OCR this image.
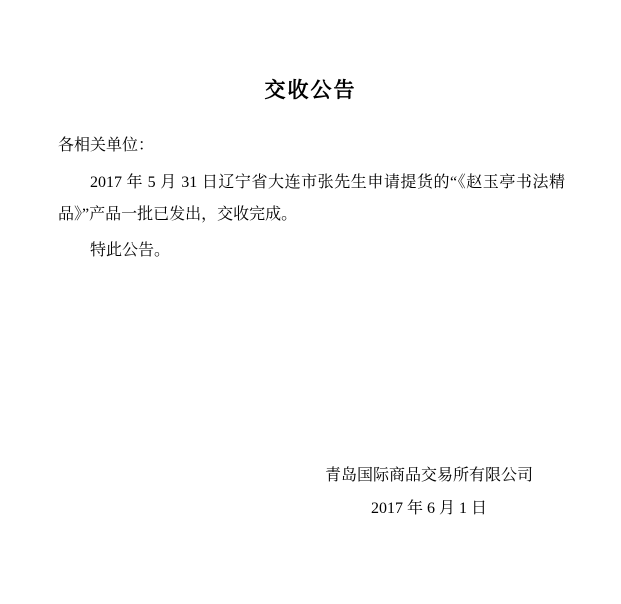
交收公告
各相关单位：

2017 年 5 月 31 日辽宁省大连市张先生申请提货的“《赵玉亭书法精品》”产品一批已发出，交收完成。

特此公告。

青岛国际商品交易所有限公司
2017 年 6 月 1 日
